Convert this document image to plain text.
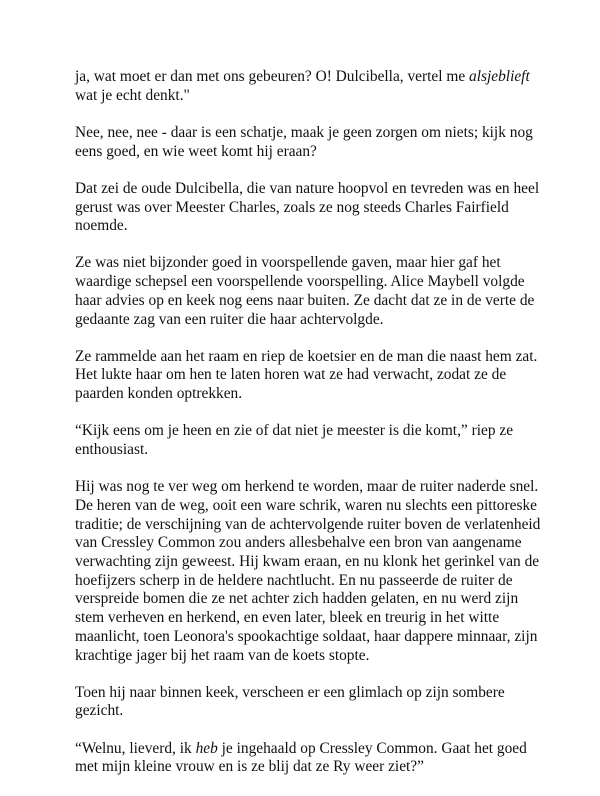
ja, wat moet er dan met ons gebeuren? O! Dulcibella, vertel me alsjeblieft wat je echt denkt."

Nee, nee, nee - daar is een schatje, maak je geen zorgen om niets; kijk nog eens goed, en wie weet komt hij eraan?

Dat zei de oude Dulcibella, die van nature hoopvol en tevreden was en heel gerust was over Meester Charles, zoals ze nog steeds Charles Fairfield noemde.

Ze was niet bijzonder goed in voorspellende gaven, maar hier gaf het waardige schepsel een voorspellende voorspelling. Alice Maybell volgde haar advies op en keek nog eens naar buiten. Ze dacht dat ze in de verte de gedaante zag van een ruiter die haar achtervolgde.

Ze rammelde aan het raam en riep de koetsier en de man die naast hem zat. Het lukte haar om hen te laten horen wat ze had verwacht, zodat ze de paarden konden optrekken.

“Kijk eens om je heen en zie of dat niet je meester is die komt,” riep ze enthousiast.

Hij was nog te ver weg om herkend te worden, maar de ruiter naderde snel. De heren van de weg, ooit een ware schrik, waren nu slechts een pittoreske traditie; de verschijning van de achtervolgende ruiter boven de verlatenheid van Cressley Common zou anders allesbehalve een bron van aangename verwachting zijn geweest. Hij kwam eraan, en nu klonk het gerinkel van de hoefijzers scherp in de heldere nachtlucht. En nu passeerde de ruiter de verspreide bomen die ze net achter zich hadden gelaten, en nu werd zijn stem verheven en herkend, en even later, bleek en treurig in het witte maanlicht, toen Leonora's spookachtige soldaat, haar dappere minnaar, zijn krachtige jager bij het raam van de koets stopte.

Toen hij naar binnen keek, verscheen er een glimlach op zijn sombere gezicht.

“Welnu, lieverd, ik heb je ingehaald op Cressley Common. Gaat het goed met mijn kleine vrouw en is ze blij dat ze Ry weer ziet?”
